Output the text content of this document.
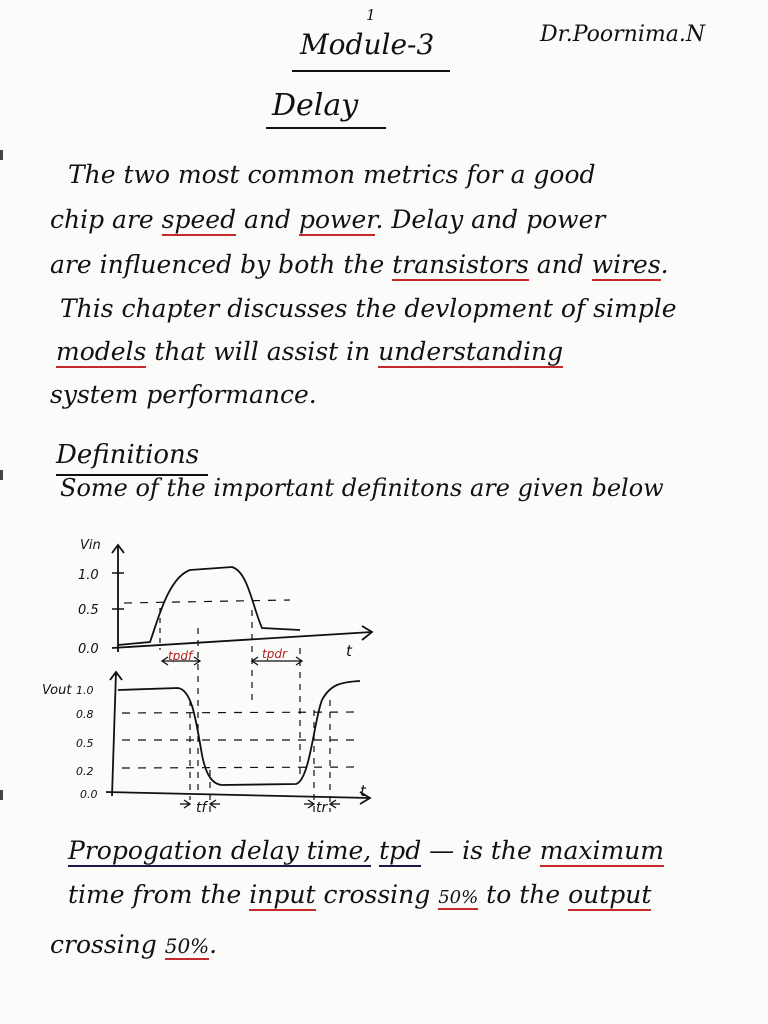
1
Module-3	Dr.Poornima.N
Delay
The two most common metrics for a good
chip are speed and power. Delay and power
are influenced by both the transistors and wires.
This chapter discusses the devlopment of simple
models that will assist in understanding
system performance.
Definitions
Some of the important definitons are given below
Vin
1.0
0.5
0.0	tpdf	tpdr	t
Vout 1.0
0.8
0.5
0.2
0.0
tf	tr
t
Propogation delay time, tpd — is the maximum
time from the input crossing 50% to the output
crossing 50%.
